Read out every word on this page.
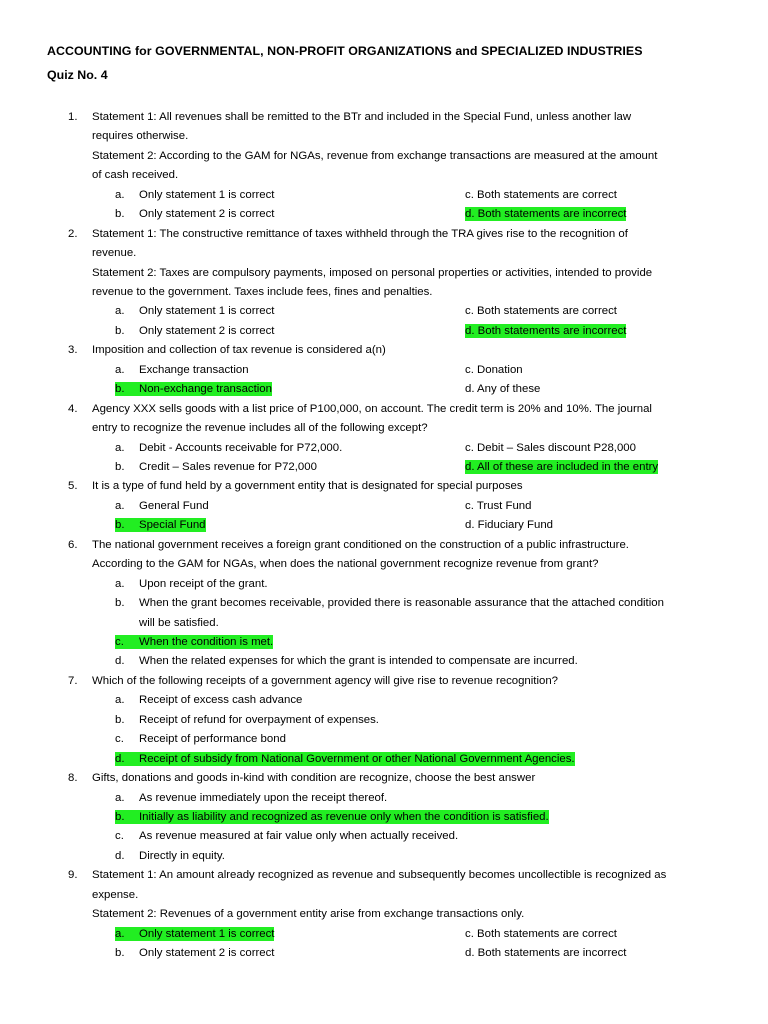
ACCOUNTING for GOVERNMENTAL, NON-PROFIT ORGANIZATIONS and SPECIALIZED INDUSTRIES
Quiz No. 4
1. Statement 1: All revenues shall be remitted to the BTr and included in the Special Fund, unless another law
requires otherwise.
Statement 2: According to the GAM for NGAs, revenue from exchange transactions are measured at the amount
of cash received.
a. Only statement 1 is correct	c. Both statements are correct
b. Only statement 2 is correct	d. Both statements are incorrect
2. Statement 1: The constructive remittance of taxes withheld through the TRA gives rise to the recognition of
revenue.
Statement 2: Taxes are compulsory payments, imposed on personal properties or activities, intended to provide
revenue to the government. Taxes include fees, fines and penalties.
a. Only statement 1 is correct	c. Both statements are correct
b. Only statement 2 is correct	d. Both statements are incorrect
3. Imposition and collection of tax revenue is considered a(n)
a. Exchange transaction	c. Donation
b.	Non-exchange transaction	d. Any of these
4. Agency XXX sells goods with a list price of P100,000, on account. The credit term is 20% and 10%. The journal
entry to recognize the revenue includes all of the following except?
a. Debit - Accounts receivable for P72,000.	c. Debit – Sales discount P28,000
b. Credit – Sales revenue for P72,000	d. All of these are included in the entry
5. It is a type of fund held by a government entity that is designated for special purposes
a. General Fund	c. Trust Fund
b.	Special Fund	d. Fiduciary Fund
6. The national government receives a foreign grant conditioned on the construction of a public infrastructure.
According to the GAM for NGAs, when does the national government recognize revenue from grant?
a. Upon receipt of the grant.
b. When the grant becomes receivable, provided there is reasonable assurance that the attached condition
will be satisfied.
c.	When the condition is met.
d. When the related expenses for which the grant is intended to compensate are incurred.
7. Which of the following receipts of a government agency will give rise to revenue recognition?
a. Receipt of excess cash advance
b. Receipt of refund for overpayment of expenses.
c. Receipt of performance bond
d.	Receipt of subsidy from National Government or other National Government Agencies.
8. Gifts, donations and goods in-kind with condition are recognize, choose the best answer
a. As revenue immediately upon the receipt thereof.
b.	Initially as liability and recognized as revenue only when the condition is satisfied.
c. As revenue measured at fair value only when actually received.
d. Directly in equity.
9. Statement 1: An amount already recognized as revenue and subsequently becomes uncollectible is recognized as
expense.
Statement 2: Revenues of a government entity arise from exchange transactions only.
a.	Only statement 1 is correct	c. Both statements are correct
b. Only statement 2 is correct	d. Both statements are incorrect
